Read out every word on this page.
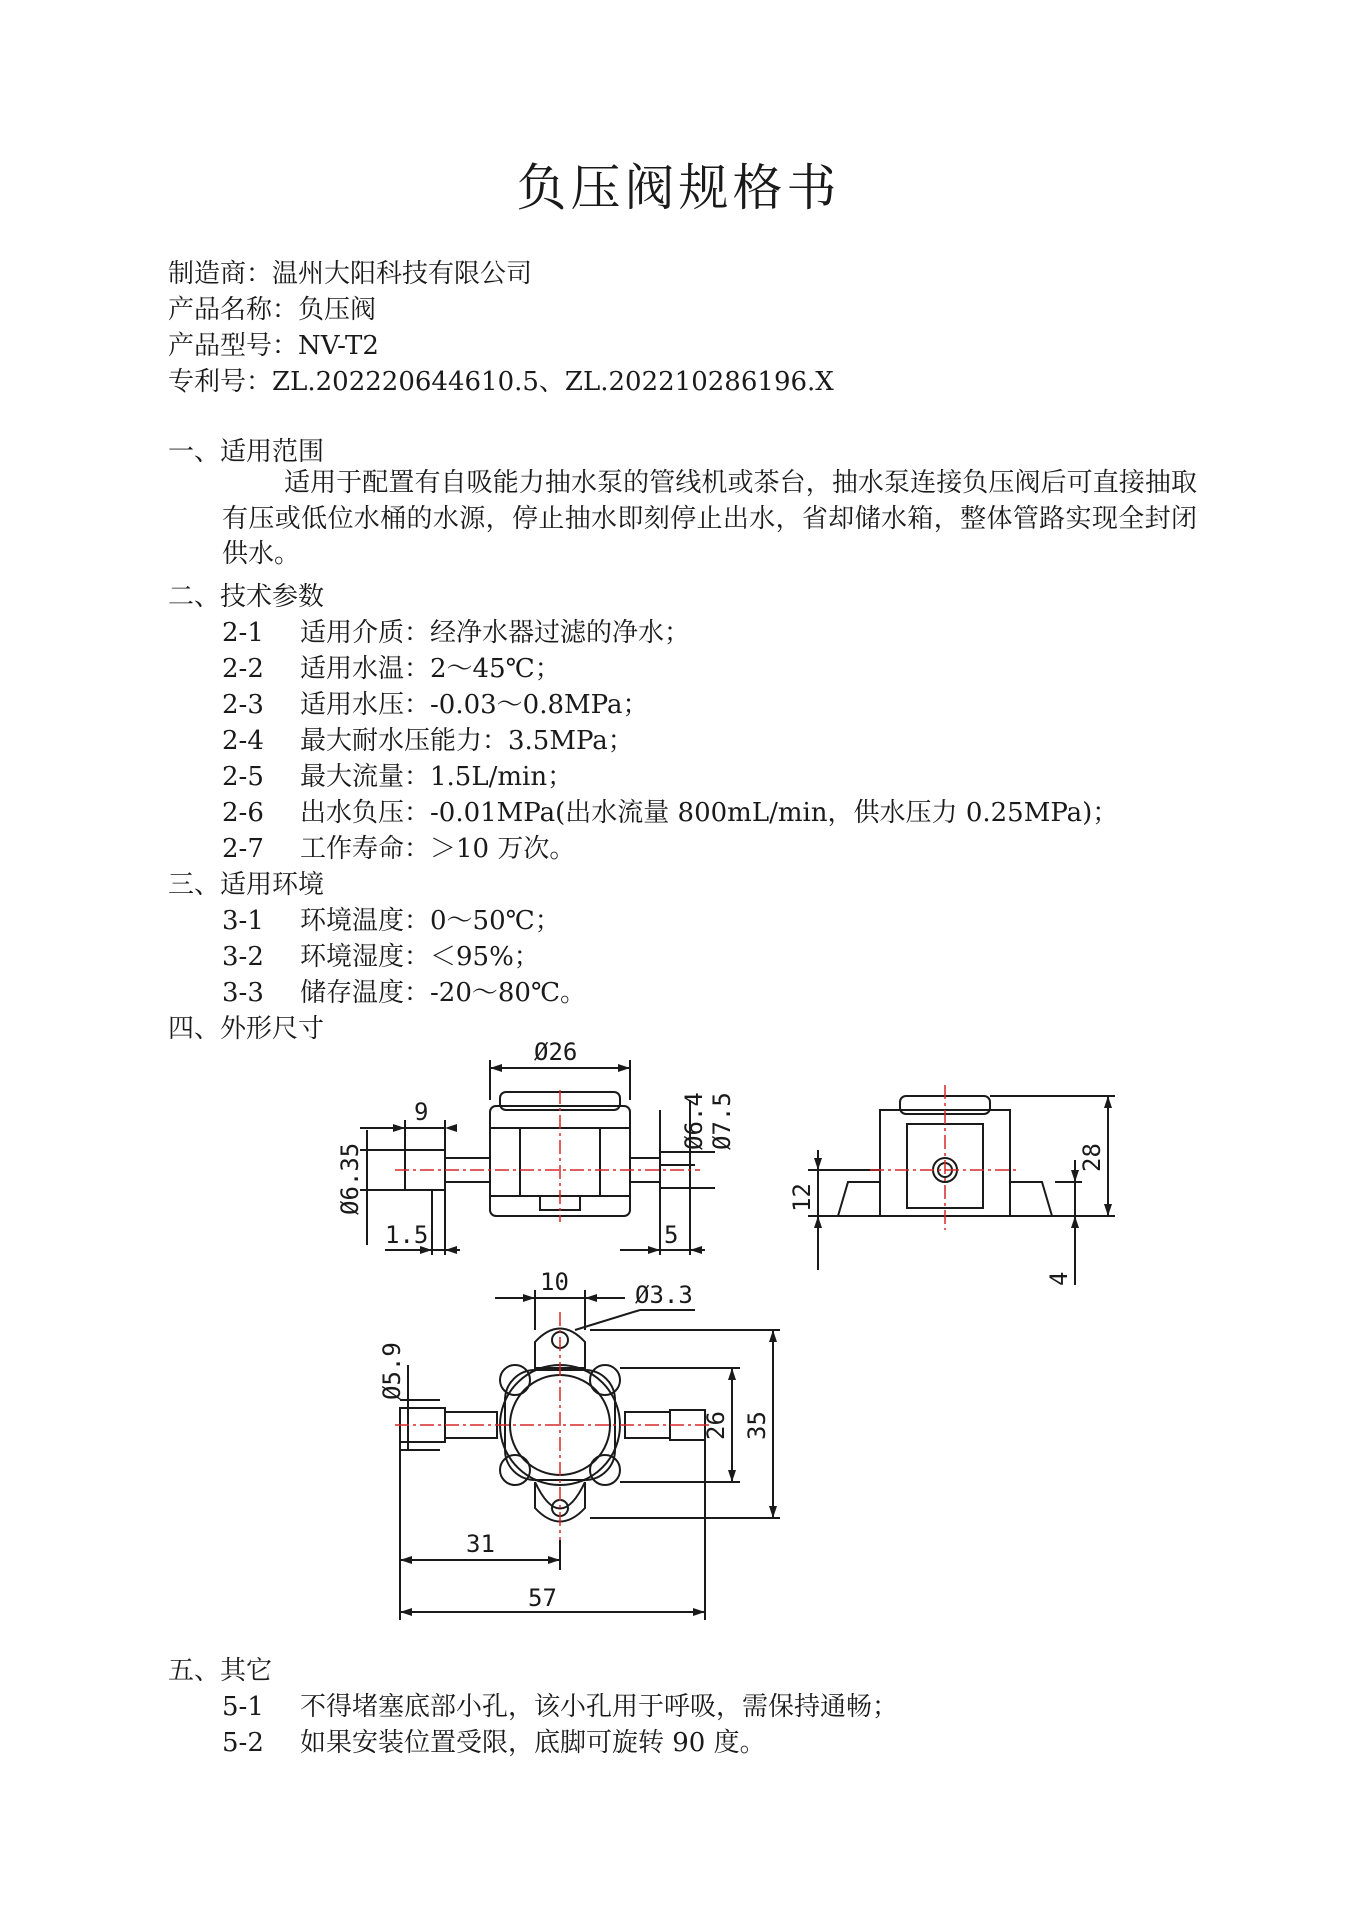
负压阀规格书
制造商：温州大阳科技有限公司
产品名称：负压阀
产品型号：NV-T2
专利号：ZL.202220644610.5、ZL.202210286196.X
一、适用范围
适用于配置有自吸能力抽水泵的管线机或茶台，抽水泵连接负压阀后可直接抽取有压或低位水桶的水源，停止抽水即刻停止出水，省却储水箱，整体管路实现全封闭供水。
二、技术参数
2-1 适用介质：经净水器过滤的净水；
2-2 适用水温：2～45℃；
2-3 适用水压：-0.03～0.8MPa；
2-4 最大耐水压能力：3.5MPa；
2-5 最大流量：1.5L/min；
2-6 出水负压：-0.01MPa(出水流量 800mL/min，供水压力 0.25MPa)；
2-7 工作寿命：＞10 万次。
三、适用环境
3-1 环境温度：0～50℃；
3-2 环境湿度：＜95%；
3-3 储存温度：-20～80℃。
四、外形尺寸
Ø26
9
Ø6.35
1.5
Ø6.4 Ø7.5
5
28
12
4
10	Ø3.3
Ø5.9
26 35
31
57
五、其它
5-1 不得堵塞底部小孔，该小孔用于呼吸，需保持通畅；
5-2 如果安装位置受限，底脚可旋转 90 度。
